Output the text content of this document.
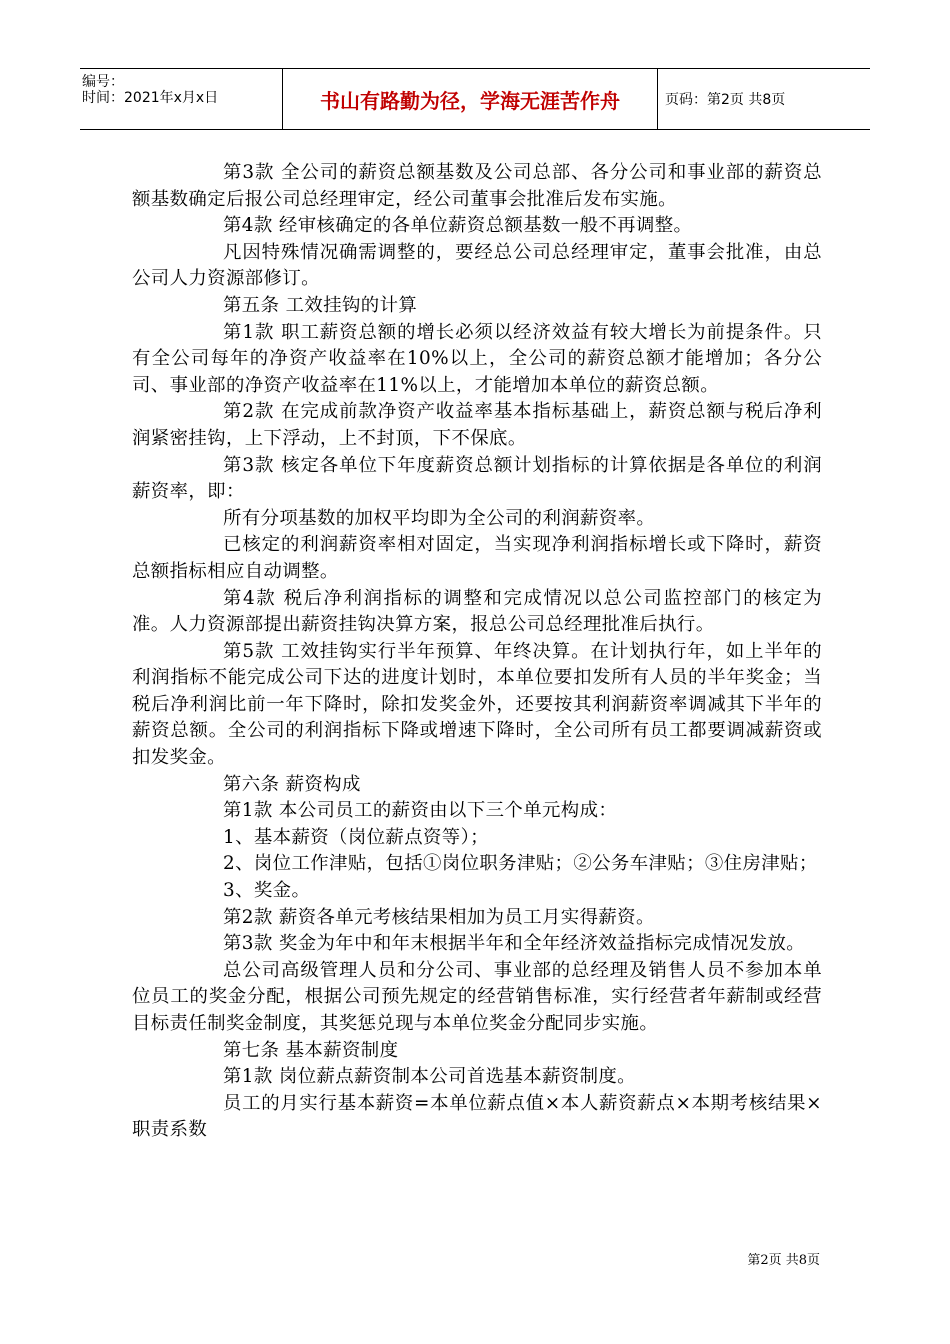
编号：
时间：2021年x月x日	书山有路勤为径，学海无涯苦作舟	页码：第2页 共8页

第3款 全公司的薪资总额基数及公司总部、各分公司和事业部的薪资总额基数确定后报公司总经理审定，经公司董事会批准后发布实施。

第4款 经审核确定的各单位薪资总额基数一般不再调整。

凡因特殊情况确需调整的，要经总公司总经理审定，董事会批准，由总公司人力资源部修订。

第五条 工效挂钩的计算

第1款 职工薪资总额的增长必须以经济效益有较大增长为前提条件。只有全公司每年的净资产收益率在10%以上，全公司的薪资总额才能增加；各分公司、事业部的净资产收益率在11%以上，才能增加本单位的薪资总额。

第2款 在完成前款净资产收益率基本指标基础上，薪资总额与税后净利润紧密挂钩，上下浮动，上不封顶，下不保底。

第3款 核定各单位下年度薪资总额计划指标的计算依据是各单位的利润薪资率，即：

所有分项基数的加权平均即为全公司的利润薪资率。

已核定的利润薪资率相对固定，当实现净利润指标增长或下降时，薪资总额指标相应自动调整。

第4款 税后净利润指标的调整和完成情况以总公司监控部门的核定为准。人力资源部提出薪资挂钩决算方案，报总公司总经理批准后执行。

第5款 工效挂钩实行半年预算、年终决算。在计划执行年，如上半年的利润指标不能完成公司下达的进度计划时，本单位要扣发所有人员的半年奖金；当税后净利润比前一年下降时，除扣发奖金外，还要按其利润薪资率调减其下半年的薪资总额。全公司的利润指标下降或增速下降时，全公司所有员工都要调减薪资或扣发奖金。

第六条 薪资构成

第1款 本公司员工的薪资由以下三个单元构成：

1、基本薪资（岗位薪点资等）；

2、岗位工作津贴，包括①岗位职务津贴；②公务车津贴；③住房津贴；

3、奖金。

第2款 薪资各单元考核结果相加为员工月实得薪资。

第3款 奖金为年中和年末根据半年和全年经济效益指标完成情况发放。

总公司高级管理人员和分公司、事业部的总经理及销售人员不参加本单位员工的奖金分配，根据公司预先规定的经营销售标准，实行经营者年薪制或经营目标责任制奖金制度，其奖惩兑现与本单位奖金分配同步实施。

第七条 基本薪资制度

第1款 岗位薪点薪资制本公司首选基本薪资制度。

员工的月实行基本薪资=本单位薪点值×本人薪资薪点×本期考核结果×职责系数

第2页 共8页
